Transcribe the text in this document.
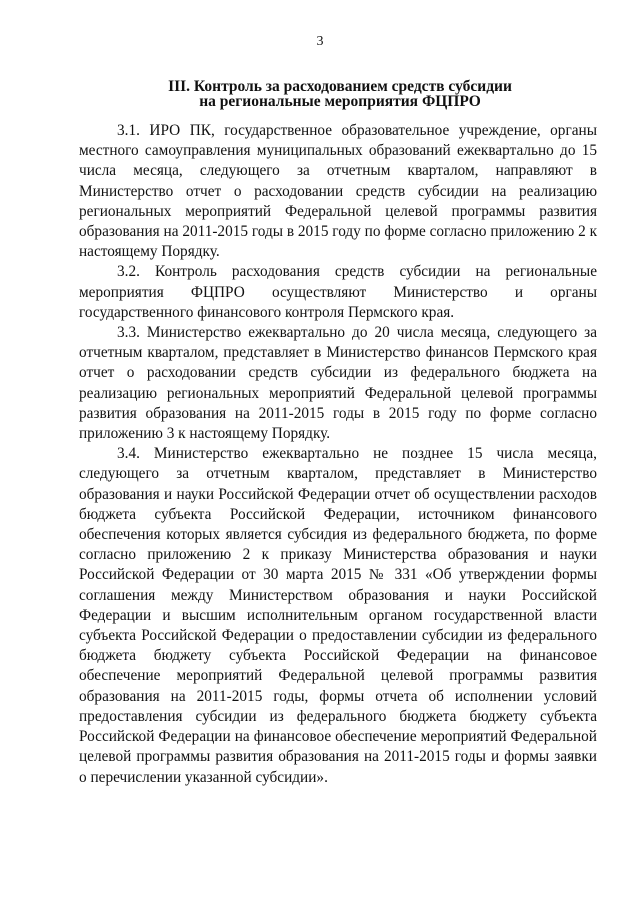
3
III. Контроль за расходованием средств субсидии
на региональные мероприятия ФЦПРО

3.1. ИРО ПК, государственное образовательное учреждение, органы местного самоуправления муниципальных образований ежеквартально до 15 числа месяца, следующего за отчетным кварталом, направляют в Министерство отчет о расходовании средств субсидии на реализацию региональных мероприятий Федеральной целевой программы развития образования на 2011-2015 годы в 2015 году по форме согласно приложению 2 к настоящему Порядку.

3.2. Контроль расходования средств субсидии на региональные мероприятия ФЦПРО осуществляют Министерство и органы государственного финансового контроля Пермского края.

3.3. Министерство ежеквартально до 20 числа месяца, следующего за отчетным кварталом, представляет в Министерство финансов Пермского края отчет о расходовании средств субсидии из федерального бюджета на реализацию региональных мероприятий Федеральной целевой программы развития образования на 2011-2015 годы в 2015 году по форме согласно приложению 3 к настоящему Порядку.

3.4. Министерство ежеквартально не позднее 15 числа месяца, следующего за отчетным кварталом, представляет в Министерство образования и науки Российской Федерации отчет об осуществлении расходов бюджета субъекта Российской Федерации, источником финансового обеспечения которых является субсидия из федерального бюджета, по форме согласно приложению 2 к приказу Министерства образования и науки Российской Федерации от 30 марта 2015 № 331 «Об утверждении формы соглашения между Министерством образования и науки Российской Федерации и высшим исполнительным органом государственной власти субъекта Российской Федерации о предоставлении субсидии из федерального бюджета бюджету субъекта Российской Федерации на финансовое обеспечение мероприятий Федеральной целевой программы развития образования на 2011-2015 годы, формы отчета об исполнении условий предоставления субсидии из федерального бюджета бюджету субъекта Российской Федерации на финансовое обеспечение мероприятий Федеральной целевой программы развития образования на 2011-2015 годы и формы заявки о перечислении указанной субсидии».
